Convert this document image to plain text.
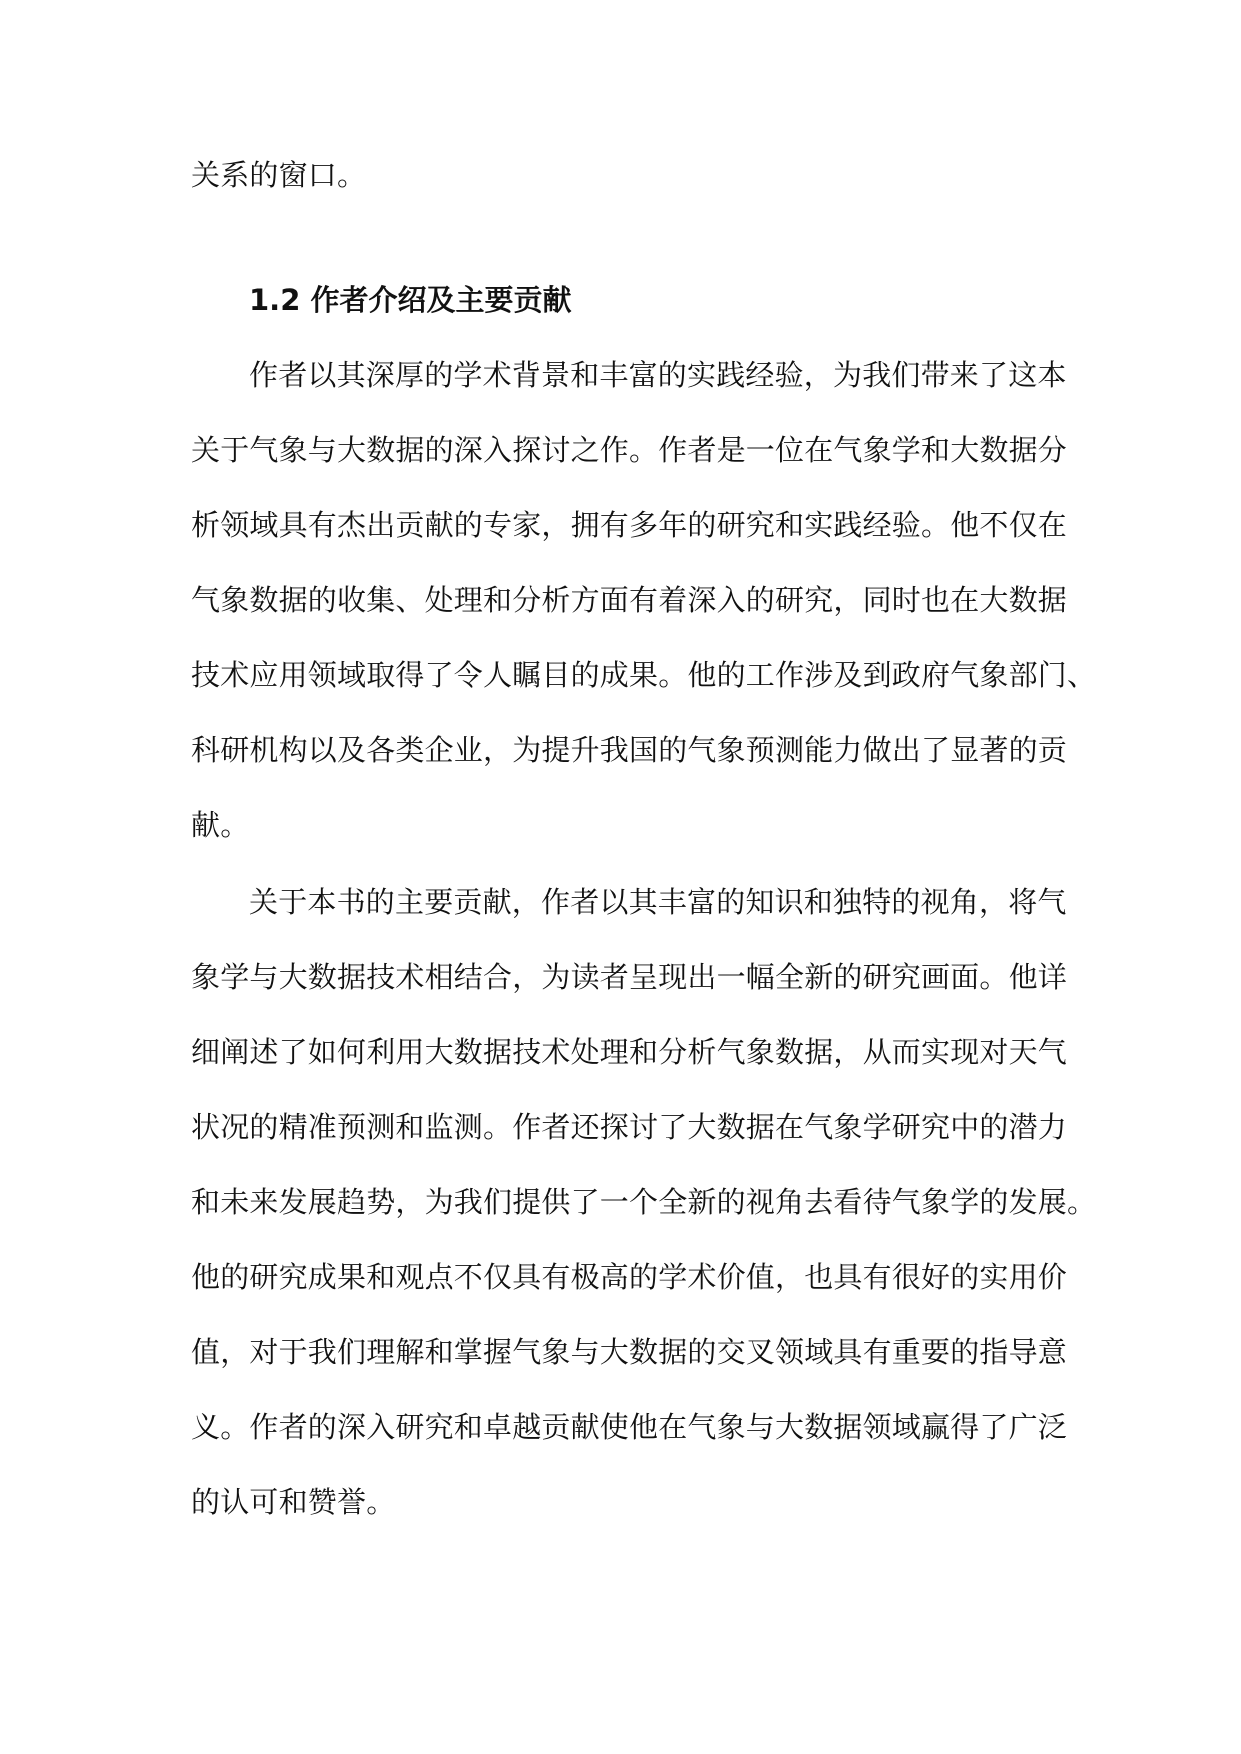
关系的窗口。
1.2 作者介绍及主要贡献
作者以其深厚的学术背景和丰富的实践经验，为我们带来了这本
关于气象与大数据的深入探讨之作。作者是一位在气象学和大数据分
析领域具有杰出贡献的专家，拥有多年的研究和实践经验。他不仅在
气象数据的收集、处理和分析方面有着深入的研究，同时也在大数据
技术应用领域取得了令人瞩目的成果。他的工作涉及到政府气象部门、
科研机构以及各类企业，为提升我国的气象预测能力做出了显著的贡
献。
关于本书的主要贡献，作者以其丰富的知识和独特的视角，将气
象学与大数据技术相结合，为读者呈现出一幅全新的研究画面。他详
细阐述了如何利用大数据技术处理和分析气象数据，从而实现对天气
状况的精准预测和监测。作者还探讨了大数据在气象学研究中的潜力
和未来发展趋势，为我们提供了一个全新的视角去看待气象学的发展。
他的研究成果和观点不仅具有极高的学术价值，也具有很好的实用价
值，对于我们理解和掌握气象与大数据的交叉领域具有重要的指导意
义。作者的深入研究和卓越贡献使他在气象与大数据领域赢得了广泛
的认可和赞誉。
